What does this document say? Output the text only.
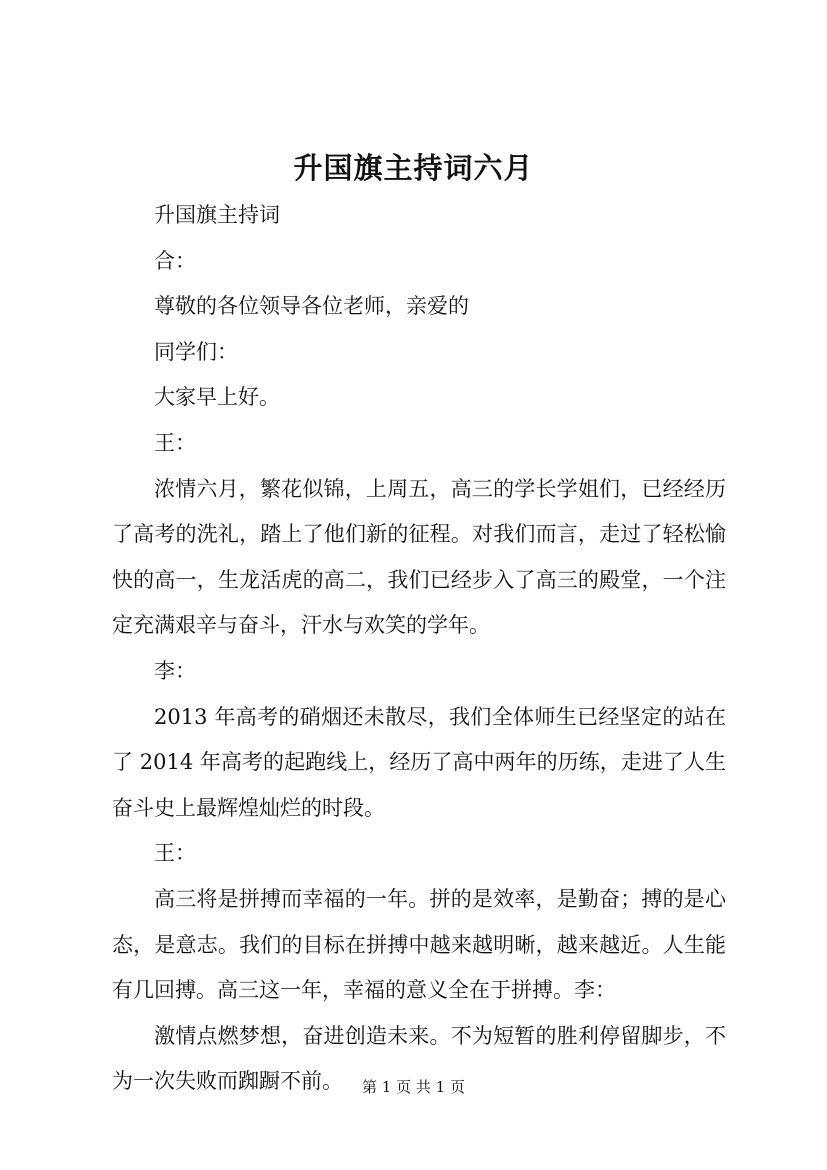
升国旗主持词六月

升国旗主持词

合：

尊敬的各位领导各位老师，亲爱的

同学们：

大家早上好。

王：

浓情六月，繁花似锦，上周五，高三的学长学姐们，已经经历了高考的洗礼，踏上了他们新的征程。对我们而言，走过了轻松愉快的高一，生龙活虎的高二，我们已经步入了高三的殿堂，一个注定充满艰辛与奋斗，汗水与欢笑的学年。

李：

2013 年高考的硝烟还未散尽，我们全体师生已经坚定的站在了 2014 年高考的起跑线上，经历了高中两年的历练，走进了人生奋斗史上最辉煌灿烂的时段。

王：

高三将是拼搏而幸福的一年。拼的是效率，是勤奋；搏的是心态，是意志。我们的目标在拼搏中越来越明晰，越来越近。人生能有几回搏。高三这一年，幸福的意义全在于拼搏。李：

激情点燃梦想，奋进创造未来。不为短暂的胜利停留脚步，不为一次失败而踟蹰不前。	第 1 页 共 1 页
